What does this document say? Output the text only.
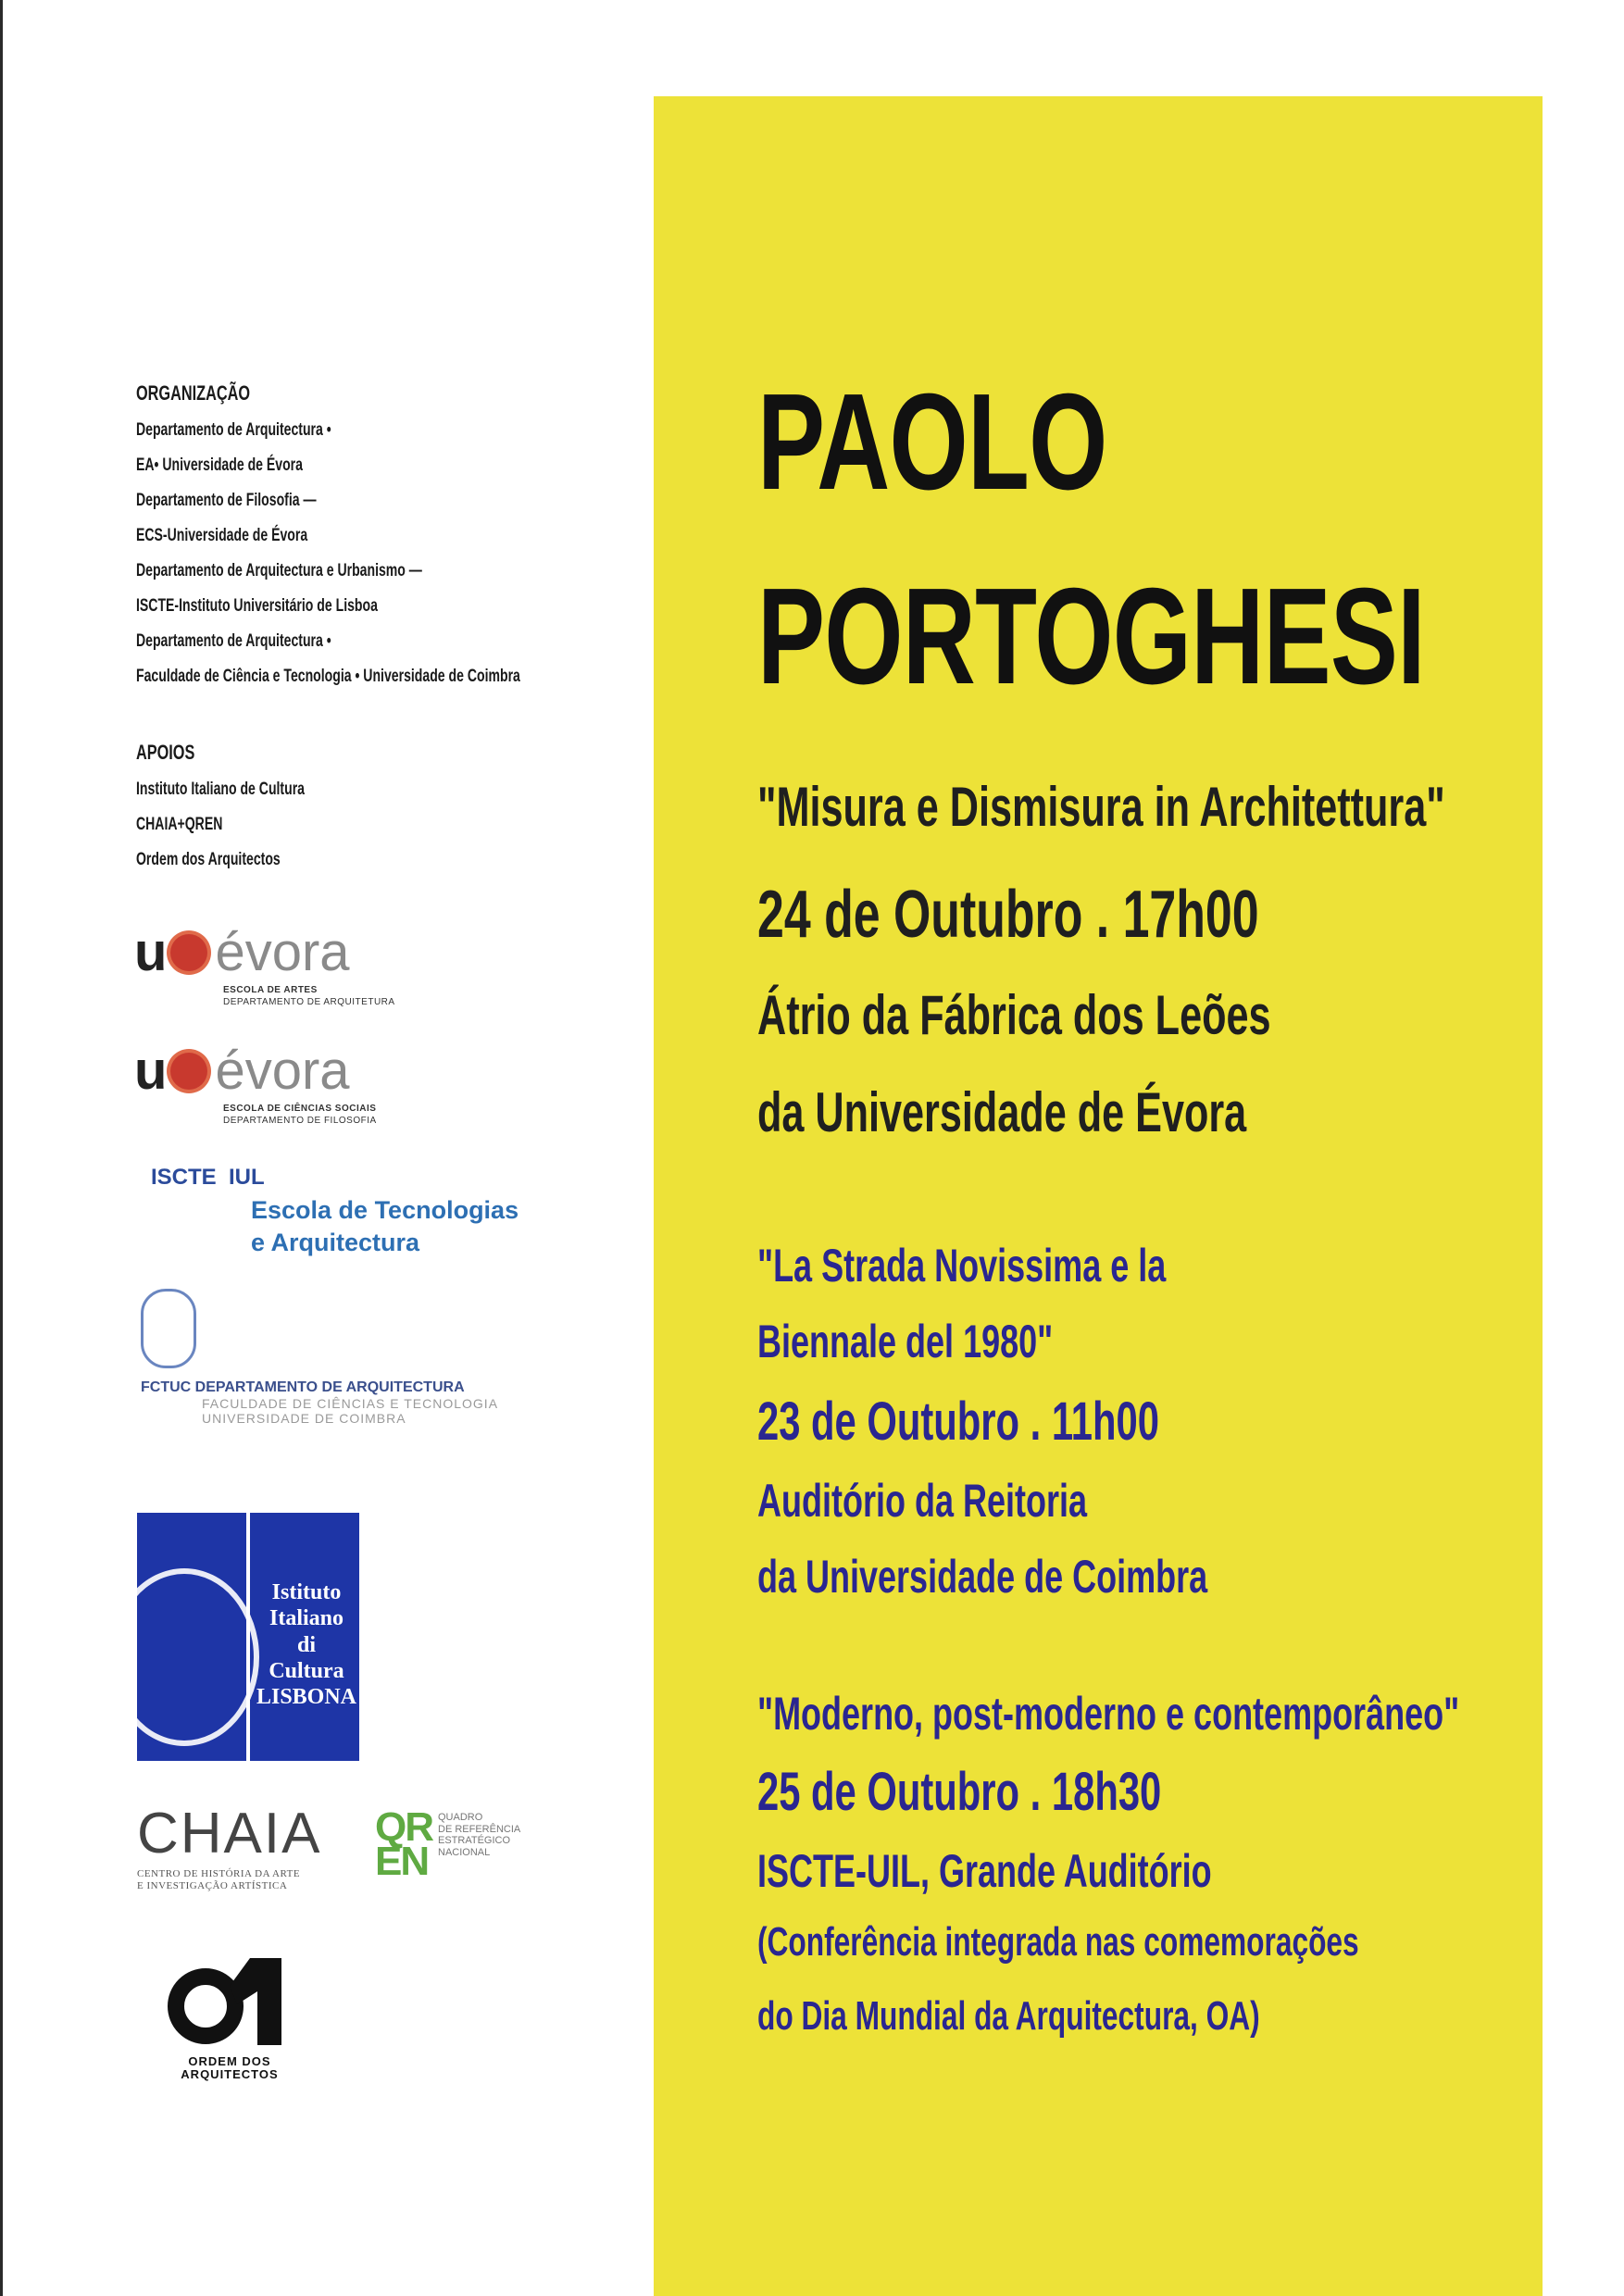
ORGANIZAÇÃO
Departamento de Arquitectura •
EA• Universidade de Évora
Departamento de Filosofia —
ECS-Universidade de Évora
Departamento de Arquitectura e Urbanismo —
ISCTE-Instituto Universitário de Lisboa
Departamento de Arquitectura •
Faculdade de Ciência e Tecnologia • Universidade de Coimbra
APOIOS
Instituto Italiano de Cultura
CHAIA+QREN
Ordem dos Arquitectos
u évora
ESCOLA DE ARTES
DEPARTAMENTO DE ARQUITETURA
u évora
ESCOLA DE CIÊNCIAS SOCIAIS
DEPARTAMENTO DE FILOSOFIA
ISCTE  IUL
Escola de Tecnologias
e Arquitectura
FCTUC DEPARTAMENTO DE ARQUITECTURA
FACULDADE DE CIÊNCIAS E TECNOLOGIA
UNIVERSIDADE DE COIMBRA
Istituto
Italiano
di
Cultura
LISBONA
CHAIA
CENTRO DE HISTÓRIA DA ARTE
E INVESTIGAÇÃO ARTÍSTICA
QR
EN
QUADRO
DE REFERÊNCIA
ESTRATÉGICO
NACIONAL
ORDEM DOS
ARQUITECTOS
PAOLO
PORTOGHESI
"Misura e Dismisura in Architettura"
24 de Outubro . 17h00
Átrio da Fábrica dos Leões
da Universidade de Évora
"La Strada Novissima e la
Biennale del 1980"
23 de Outubro . 11h00
Auditório da Reitoria
da Universidade de Coimbra
"Moderno, post-moderno e contemporâneo"
25 de Outubro . 18h30
ISCTE-UIL, Grande Auditório
(Conferência integrada nas comemorações
do Dia Mundial da Arquitectura, OA)
